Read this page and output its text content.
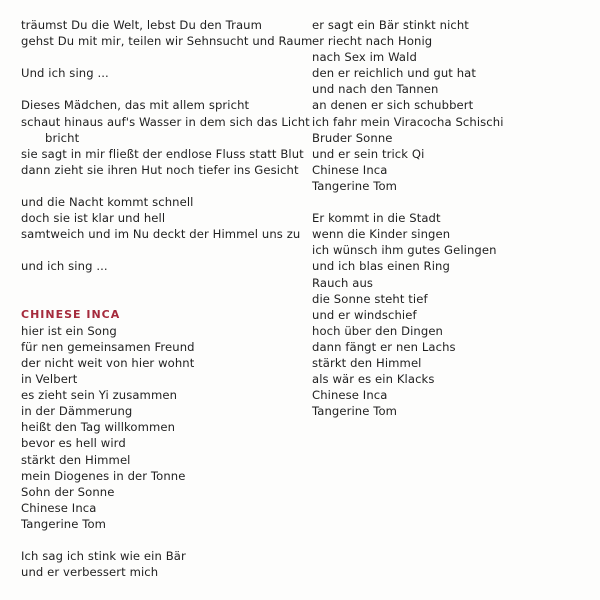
träumst Du die Welt, lebst Du den Traum
gehst Du mit mir, teilen wir Sehnsucht und Raum
Und ich sing ...
Dieses Mädchen, das mit allem spricht
schaut hinaus auf's Wasser in dem sich das Licht
bricht
sie sagt in mir fließt der endlose Fluss statt Blut
dann zieht sie ihren Hut noch tiefer ins Gesicht
und die Nacht kommt schnell
doch sie ist klar und hell
samtweich und im Nu deckt der Himmel uns zu
und ich sing ...
CHINESE INCA
hier ist ein Song
für nen gemeinsamen Freund
der nicht weit von hier wohnt
in Velbert
es zieht sein Yi zusammen
in der Dämmerung
heißt den Tag willkommen
bevor es hell wird
stärkt den Himmel
mein Diogenes in der Tonne
Sohn der Sonne
Chinese Inca
Tangerine Tom
Ich sag ich stink wie ein Bär
und er verbessert mich
er sagt ein Bär stinkt nicht
er riecht nach Honig
nach Sex im Wald
den er reichlich und gut hat
und nach den Tannen
an denen er sich schubbert
ich fahr mein Viracocha Schischi
Bruder Sonne
und er sein trick Qi
Chinese Inca
Tangerine Tom
Er kommt in die Stadt
wenn die Kinder singen
ich wünsch ihm gutes Gelingen
und ich blas einen Ring
Rauch aus
die Sonne steht tief
und er windschief
hoch über den Dingen
dann fängt er nen Lachs
stärkt den Himmel
als wär es ein Klacks
Chinese Inca
Tangerine Tom
